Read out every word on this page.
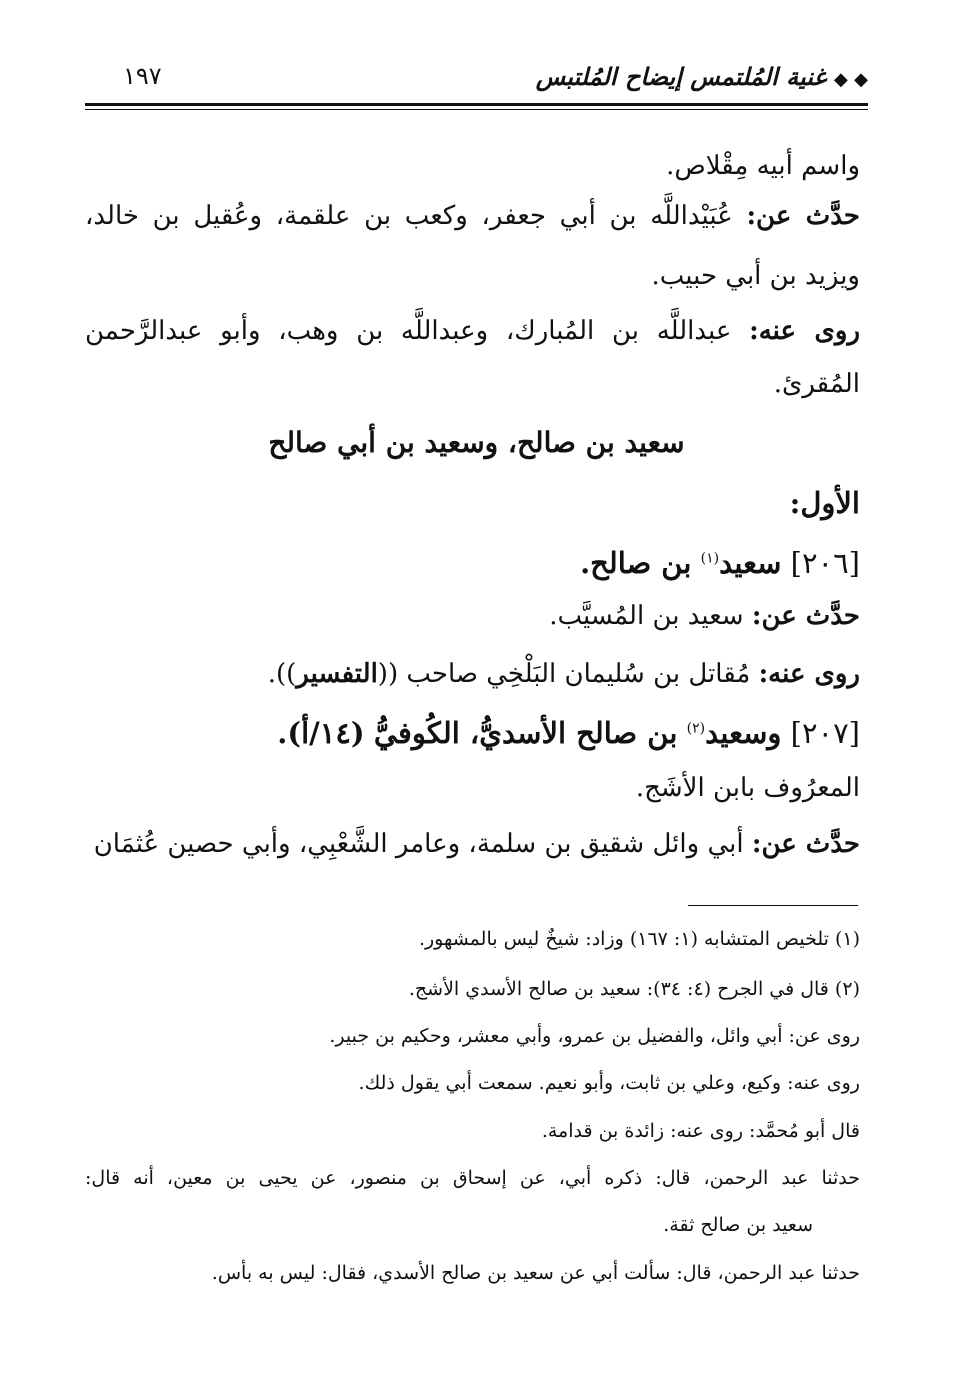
◆ ◆غنية المُلتمس إيضاح المُلتبس
١٩٧
واسم أبيه مِقْلاص.
حدَّث عن: عُبَيْداللَّه بن أبي جعفر، وكعب بن علقمة، وعُقيل بن خالد،
ويزيد بن أبي حبيب.
روى عنه: عبداللَّه بن المُبارك، وعبداللَّه بن وهب، وأبو عبدالرَّحمن
المُقرئ.
سعيد بن صالح، وسعيد بن أبي صالح
الأول:
[٢٠٦] سعيد$^{(١)}$ بن صالح.
حدَّث عن: سعيد بن المُسيَّب.
روى عنه: مُقاتل بن سُليمان البَلْخِي صاحب ((التفسير)).
[٢٠٧] وسعيد$^{(٢)}$ بن صالح الأسديُّ، الكُوفيُّ (١٤/أ).
المعرُوف بابن الأشَج.
حدَّث عن: أبي وائل شقيق بن سلمة، وعامر الشَّعْبِي، وأبي حصين عُثمَان
(١) تلخيص المتشابه (١: ١٦٧) وزاد: شيخٌ ليس بالمشهور.
(٢) قال في الجرح (٤: ٣٤): سعيد بن صالح الأسدي الأشج.
روى عن: أبي وائل، والفضيل بن عمرو، وأبي معشر، وحكيم بن جبير.
روى عنه: وكيع، وعلي بن ثابت، وأبو نعيم. سمعت أبي يقول ذلك.
قال أبو مُحمَّد: روى عنه: زائدة بن قدامة.
حدثنا عبد الرحمن، قال: ذكره أبي، عن إسحاق بن منصور، عن يحيى بن معين، أنه قال:
سعيد بن صالح ثقة.
حدثنا عبد الرحمن، قال: سألت أبي عن سعيد بن صالح الأسدي، فقال: ليس به بأس.
